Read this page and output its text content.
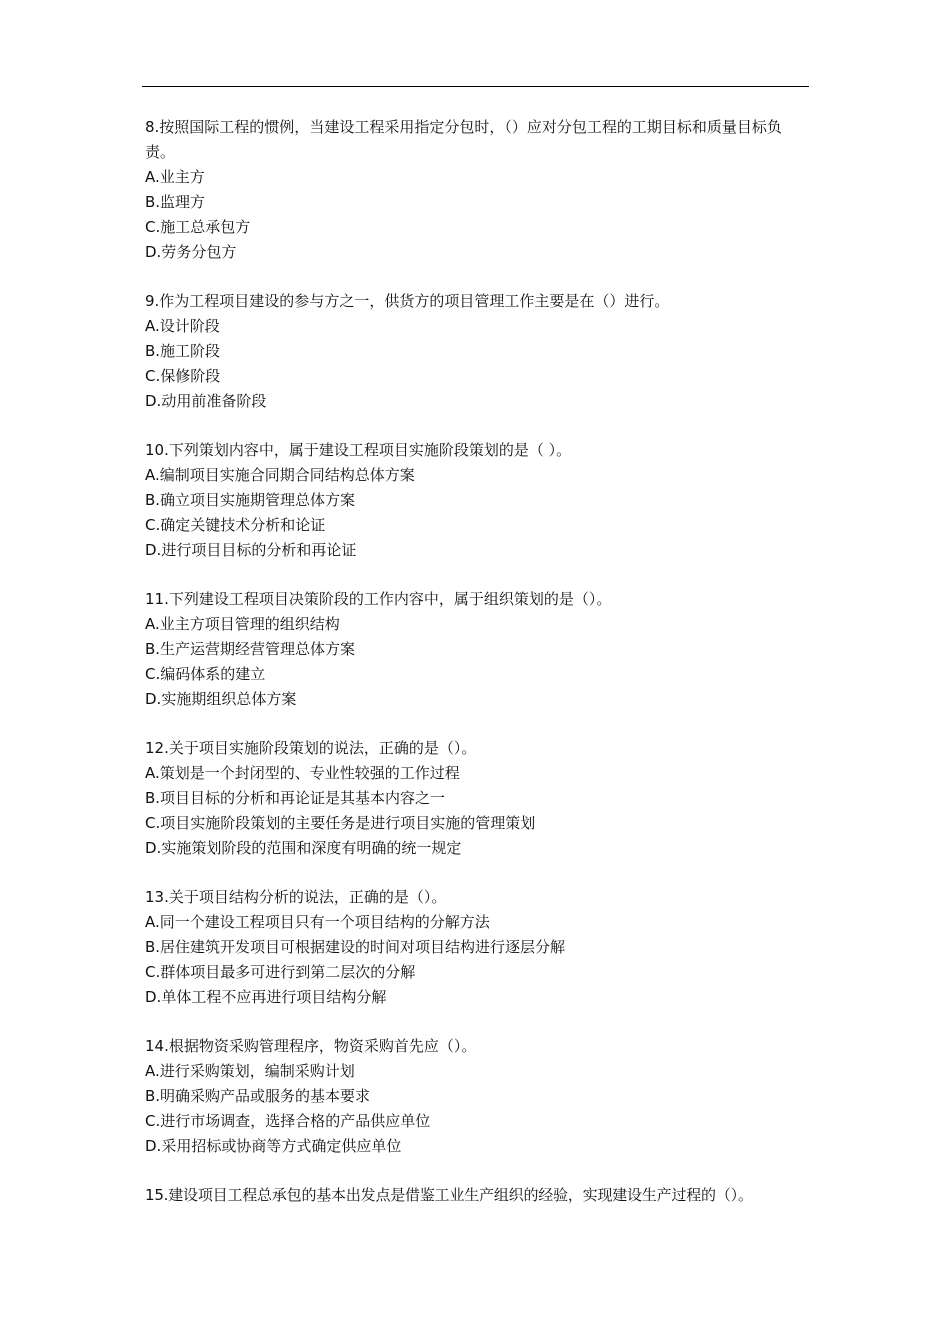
8.按照国际工程的惯例，当建设工程采用指定分包时，（）应对分包工程的工期目标和质量目标负责。

A.业主方

B.监理方

C.施工总承包方

D.劳务分包方

9.作为工程项目建设的参与方之一，供货方的项目管理工作主要是在（）进行。

A.设计阶段

B.施工阶段

C.保修阶段

D.动用前准备阶段

10.下列策划内容中，属于建设工程项目实施阶段策划的是（ ）。

A.编制项目实施合同期合同结构总体方案

B.确立项目实施期管理总体方案

C.确定关键技术分析和论证

D.进行项目目标的分析和再论证

11.下列建设工程项目决策阶段的工作内容中，属于组织策划的是（）。

A.业主方项目管理的组织结构

B.生产运营期经营管理总体方案

C.编码体系的建立

D.实施期组织总体方案

12.关于项目实施阶段策划的说法，正确的是（）。

A.策划是一个封闭型的、专业性较强的工作过程

B.项目目标的分析和再论证是其基本内容之一

C.项目实施阶段策划的主要任务是进行项目实施的管理策划

D.实施策划阶段的范围和深度有明确的统一规定

13.关于项目结构分析的说法，正确的是（）。

A.同一个建设工程项目只有一个项目结构的分解方法

B.居住建筑开发项目可根据建设的时间对项目结构进行逐层分解

C.群体项目最多可进行到第二层次的分解

D.单体工程不应再进行项目结构分解

14.根据物资采购管理程序，物资采购首先应（）。

A.进行采购策划，编制采购计划

B.明确采购产品或服务的基本要求

C.进行市场调查，选择合格的产品供应单位

D.采用招标或协商等方式确定供应单位

15.建设项目工程总承包的基本出发点是借鉴工业生产组织的经验，实现建设生产过程的（）。
